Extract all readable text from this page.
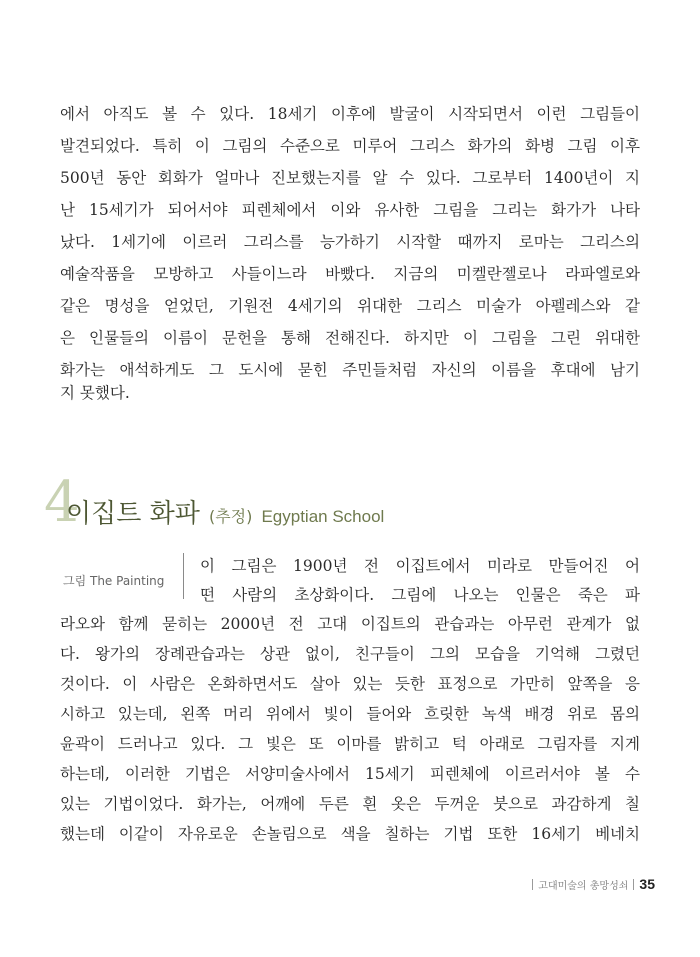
에서 아직도 볼 수 있다. 18세기 이후에 발굴이 시작되면서 이런 그림들이
발견되었다. 특히 이 그림의 수준으로 미루어 그리스 화가의 화병 그림 이후
500년 동안 회화가 얼마나 진보했는지를 알 수 있다. 그로부터 1400년이 지
난 15세기가 되어서야 피렌체에서 이와 유사한 그림을 그리는 화가가 나타
났다. 1세기에 이르러 그리스를 능가하기 시작할 때까지 로마는 그리스의
예술작품을 모방하고 사들이느라 바빴다. 지금의 미켈란젤로나 라파엘로와
같은 명성을 얻었던, 기원전 4세기의 위대한 그리스 미술가 아펠레스와 같
은 인물들의 이름이 문헌을 통해 전해진다. 하지만 이 그림을 그린 위대한
화가는 애석하게도 그 도시에 묻힌 주민들처럼 자신의 이름을 후대에 남기
지 못했다.
4
이집트 화파 (추정) Egyptian School
그림 The Painting
이 그림은 1900년 전 이집트에서 미라로 만들어진 어
떤 사람의 초상화이다. 그림에 나오는 인물은 죽은 파
라오와 함께 묻히는 2000년 전 고대 이집트의 관습과는 아무런 관계가 없
다. 왕가의 장례관습과는 상관 없이, 친구들이 그의 모습을 기억해 그렸던
것이다. 이 사람은 온화하면서도 살아 있는 듯한 표정으로 가만히 앞쪽을 응
시하고 있는데, 왼쪽 머리 위에서 빛이 들어와 흐릿한 녹색 배경 위로 몸의
윤곽이 드러나고 있다. 그 빛은 또 이마를 밝히고 턱 아래로 그림자를 지게
하는데, 이러한 기법은 서양미술사에서 15세기 피렌체에 이르러서야 볼 수
있는 기법이었다. 화가는, 어깨에 두른 흰 옷은 두꺼운 붓으로 과감하게 칠
했는데 이같이 자유로운 손놀림으로 색을 칠하는 기법 또한 16세기 베네치
고대미술의 총망성쇠 35
